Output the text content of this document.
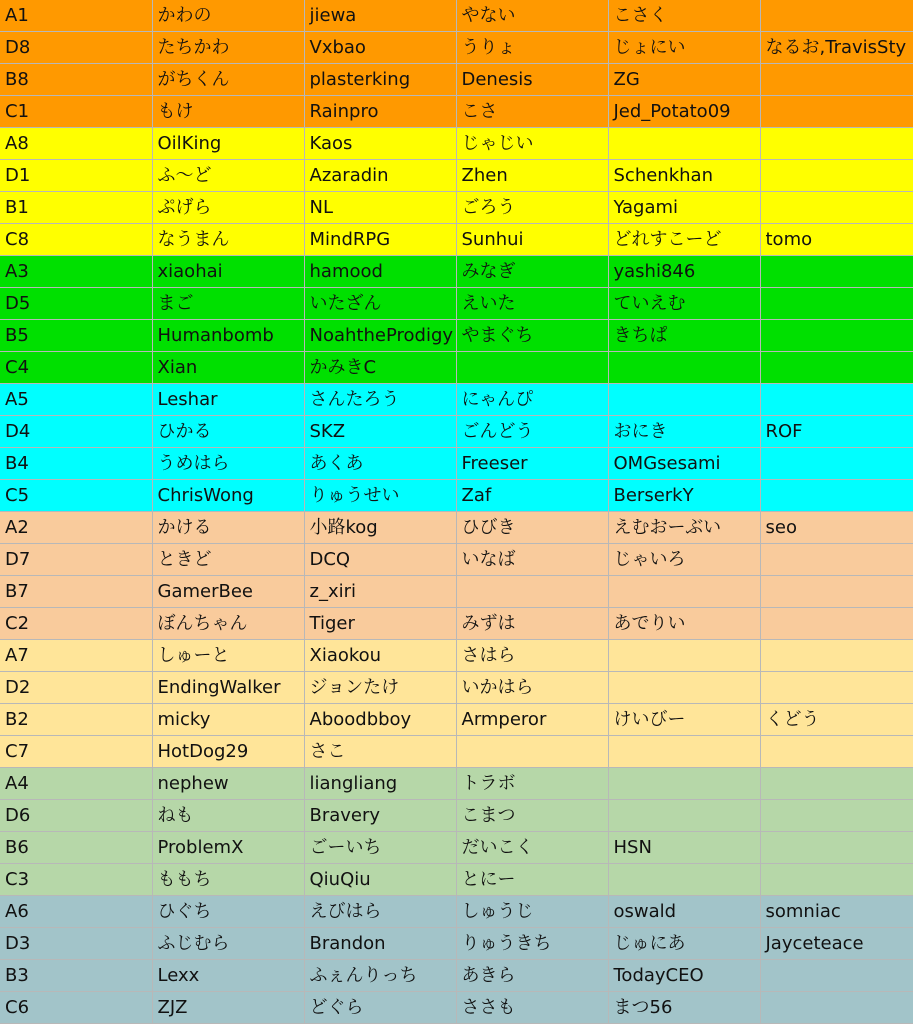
A1	かわの	jiewa	やない	こさく	
D8	たちかわ	Vxbao	うりょ	じょにい	なるお,TravisSty
B8	がちくん	plasterking	Denesis	ZG	
C1	もけ	Rainpro	こさ	Jed_Potato09	
A8	OilKing	Kaos	じゃじい		
D1	ふ～ど	Azaradin	Zhen	Schenkhan	
B1	ぷげら	NL	ごろう	Yagami	
C8	なうまん	MindRPG	Sunhui	どれすこーど	tomo
A3	xiaohai	hamood	みなぎ	yashi846	
D5	まご	いたざん	えいた	ていえむ	
B5	Humanbomb	NoahtheProdigy	やまぐち	きちぱ	
C4	Xian	かみきC			
A5	Leshar	さんたろう	にゃんぴ		
D4	ひかる	SKZ	ごんどう	おにき	ROF
B4	うめはら	あくあ	Freeser	OMGsesami	
C5	ChrisWong	りゅうせい	Zaf	BerserkY	
A2	かける	小路kog	ひびき	えむおーぶい	seo
D7	ときど	DCQ	いなば	じゃいろ	
B7	GamerBee	z_xiri			
C2	ぼんちゃん	Tiger	みずは	あでりい	
A7	しゅーと	Xiaokou	さはら		
D2	EndingWalker	ジョンたけ	いかはら		
B2	micky	Aboodbboy	Armperor	けいびー	くどう
C7	HotDog29	さこ			
A4	nephew	liangliang	トラボ		
D6	ねも	Bravery	こまつ		
B6	ProblemX	ごーいち	だいこく	HSN	
C3	ももち	QiuQiu	とにー		
A6	ひぐち	えびはら	しゅうじ	oswald	somniac
D3	ふじむら	Brandon	りゅうきち	じゅにあ	Jayceteace
B3	Lexx	ふぇんりっち	あきら	TodayCEO	
C6	ZJZ	どぐら	ささも	まつ56	
